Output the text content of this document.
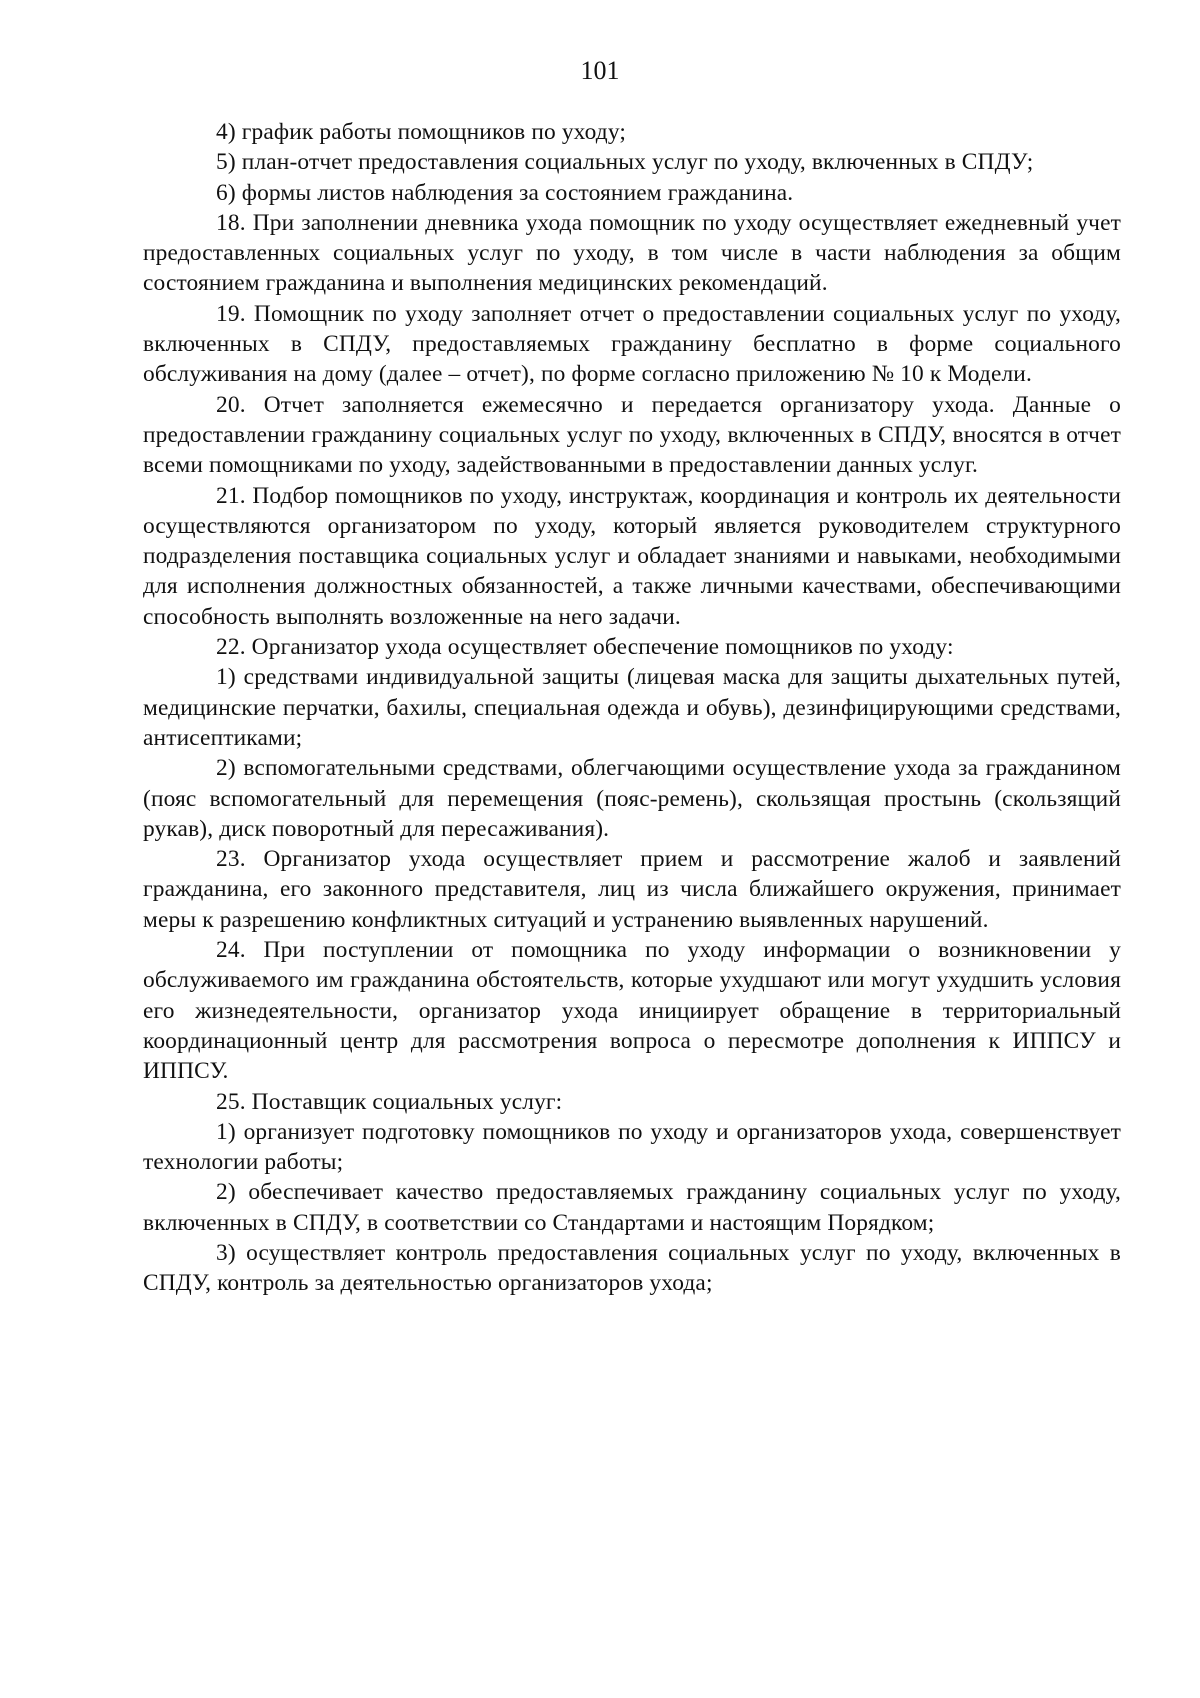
101

4) график работы помощников по уходу;

5) план-отчет предоставления социальных услуг по уходу, включенных в СПДУ;

6) формы листов наблюдения за состоянием гражданина.

18. При заполнении дневника ухода помощник по уходу осуществляет ежедневный учет предоставленных социальных услуг по уходу, в том числе в части наблюдения за общим состоянием гражданина и выполнения медицинских рекомендаций.

19. Помощник по уходу заполняет отчет о предоставлении социальных услуг по уходу, включенных в СПДУ, предоставляемых гражданину бесплатно в форме социального обслуживания на дому (далее – отчет), по форме согласно приложению № 10 к Модели.

20. Отчет заполняется ежемесячно и передается организатору ухода. Данные о предоставлении гражданину социальных услуг по уходу, включенных в СПДУ, вносятся в отчет всеми помощниками по уходу, задействованными в предоставлении данных услуг.

21. Подбор помощников по уходу, инструктаж, координация и контроль их деятельности осуществляются организатором по уходу, который является руководителем структурного подразделения поставщика социальных услуг и обладает знаниями и навыками, необходимыми для исполнения должностных обязанностей, а также личными качествами, обеспечивающими способность выполнять возложенные на него задачи.

22. Организатор ухода осуществляет обеспечение помощников по уходу:

1) средствами индивидуальной защиты (лицевая маска для защиты дыхательных путей, медицинские перчатки, бахилы, специальная одежда и обувь), дезинфицирующими средствами, антисептиками;

2) вспомогательными средствами, облегчающими осуществление ухода за гражданином (пояс вспомогательный для перемещения (пояс-ремень), скользящая простынь (скользящий рукав), диск поворотный для пересаживания).

23. Организатор ухода осуществляет прием и рассмотрение жалоб и заявлений гражданина, его законного представителя, лиц из числа ближайшего окружения, принимает меры к разрешению конфликтных ситуаций и устранению выявленных нарушений.

24. При поступлении от помощника по уходу информации о возникновении у обслуживаемого им гражданина обстоятельств, которые ухудшают или могут ухудшить условия его жизнедеятельности, организатор ухода инициирует обращение в территориальный координационный центр для рассмотрения вопроса о пересмотре дополнения к ИППСУ и ИППСУ.

25. Поставщик социальных услуг:

1) организует подготовку помощников по уходу и организаторов ухода, совершенствует технологии работы;

2) обеспечивает качество предоставляемых гражданину социальных услуг по уходу, включенных в СПДУ, в соответствии со Стандартами и настоящим Порядком;

3) осуществляет контроль предоставления социальных услуг по уходу, включенных в СПДУ, контроль за деятельностью организаторов ухода;
